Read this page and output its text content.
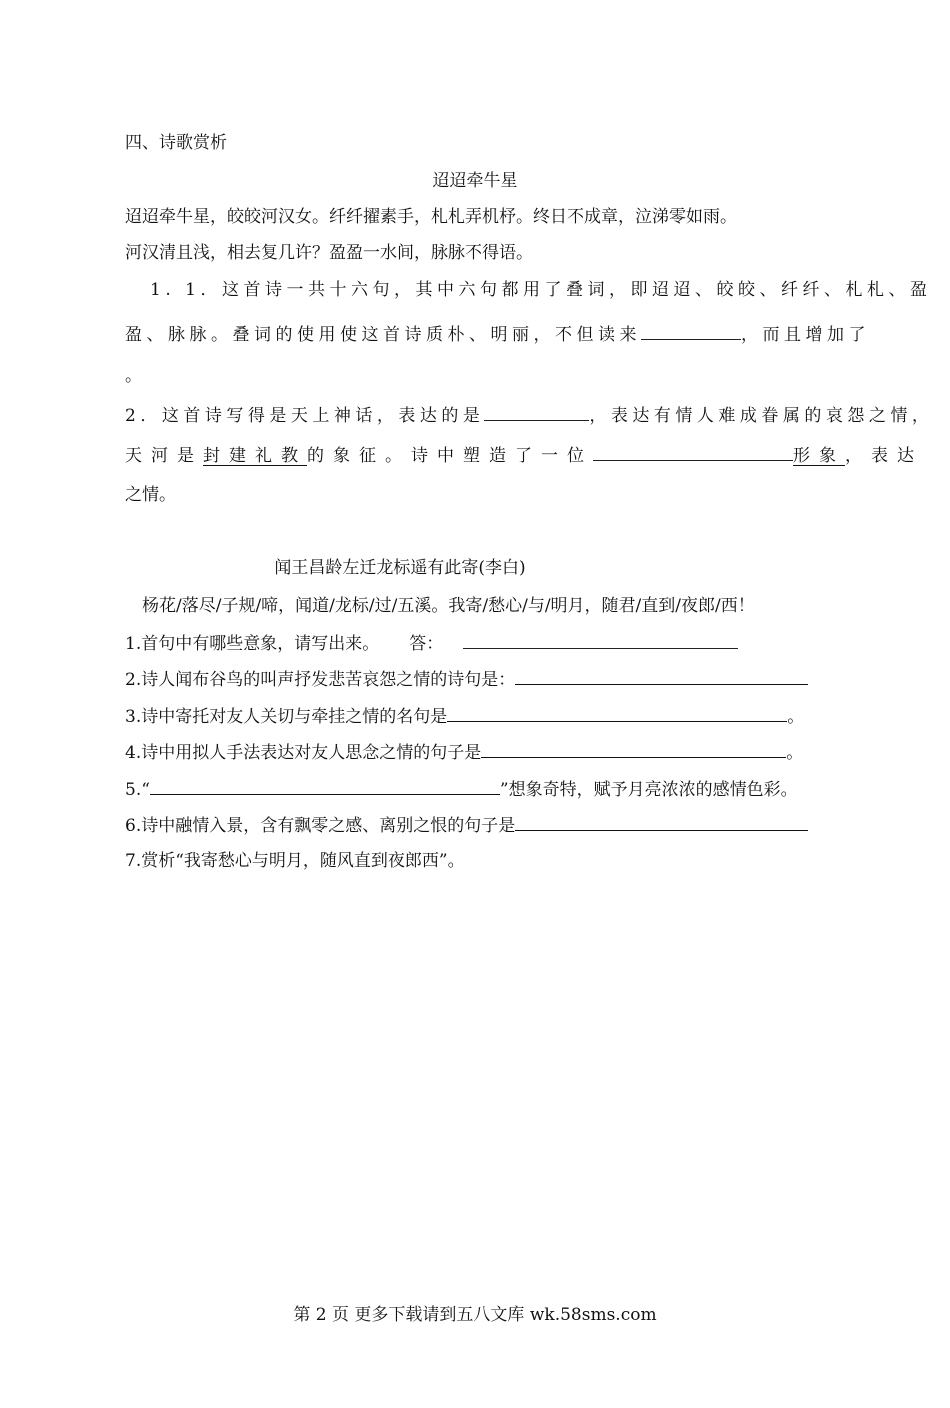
四、诗歌赏析
迢迢牵牛星
迢迢牵牛星，皎皎河汉女。纤纤擢素手，札札弄机杼。终日不成章，泣涕零如雨。
河汉清且浅，相去复几许？盈盈一水间，脉脉不得语。
1. 1．这首诗一共十六句，其中六句都用了叠词，即迢迢、皎皎、纤纤、札札、盈
盈、脉脉。叠词的使用使这首诗质朴、明丽，不但读来	，而且增加了
。
2．这首诗写得是天上神话，表达的是	，表达有情人难成眷属的哀怨之情，
天河是封建礼教的象征。诗中塑造了一位	形象，表达
之情。
闻王昌龄左迁龙标遥有此寄(李白)
杨花/落尽/子规/啼，闻道/龙标/过/五溪。我寄/愁心/与/明月，随君/直到/夜郎/西！
1.首句中有哪些意象，请写出来。 答：
2.诗人闻布谷鸟的叫声抒发悲苦哀怨之情的诗句是：
3.诗中寄托对友人关切与牵挂之情的名句是	。
4.诗中用拟人手法表达对友人思念之情的句子是	。
5.“	”想象奇特，赋予月亮浓浓的感情色彩。
6.诗中融情入景，含有飘零之感、离别之恨的句子是
7.赏析“我寄愁心与明月，随风直到夜郎西”。
第 2 页 更多下载请到五八文库 wk.58sms.com
